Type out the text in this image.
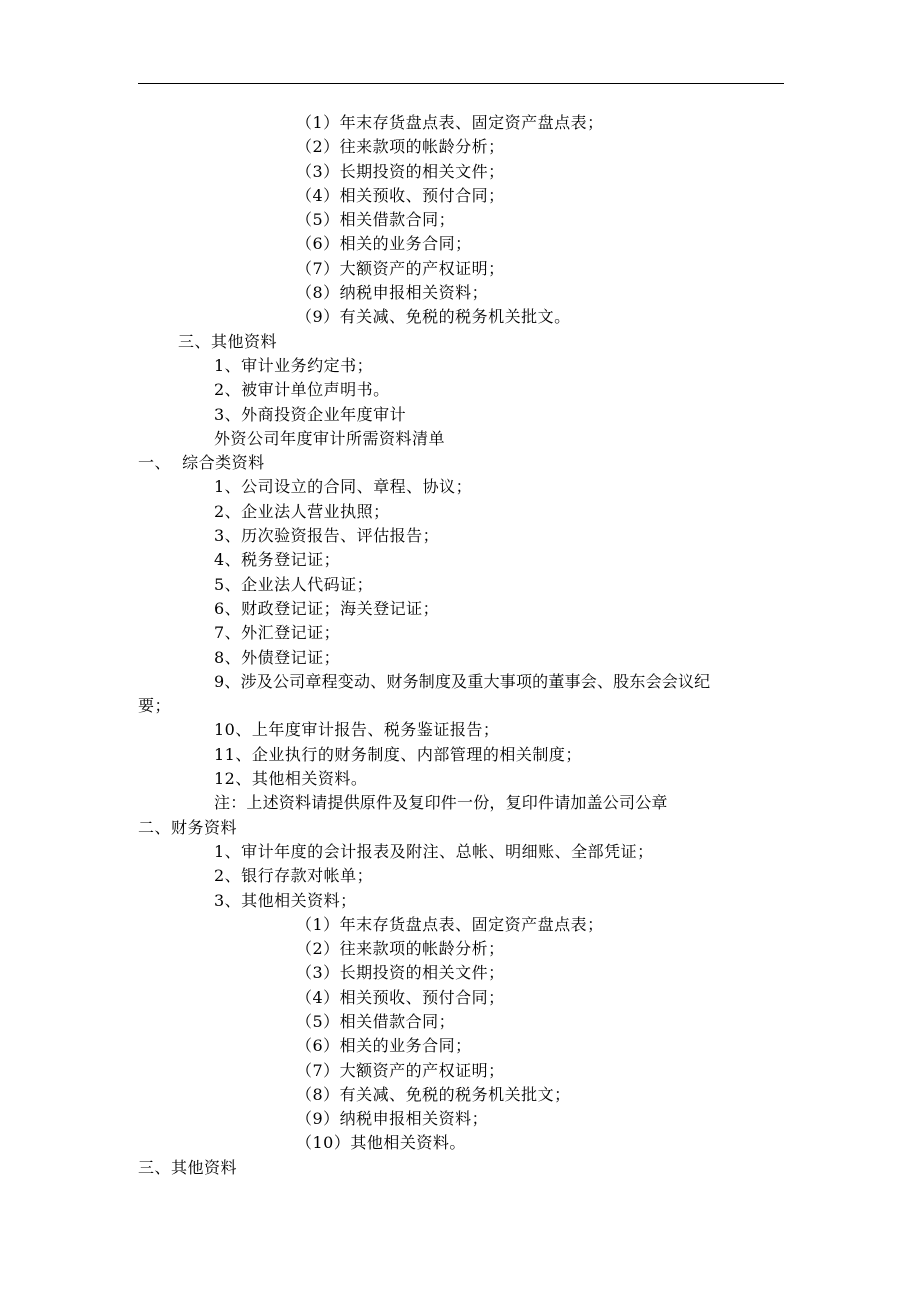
（1）年末存货盘点表、固定资产盘点表；
（2）往来款项的帐龄分析；
（3）长期投资的相关文件；
（4）相关预收、预付合同；
（5）相关借款合同；
（6）相关的业务合同；
（7）大额资产的产权证明；
（8）纳税申报相关资料；
（9）有关减、免税的税务机关批文。
三、其他资料
1、审计业务约定书；
2、被审计单位声明书。
3、外商投资企业年度审计
外资公司年度审计所需资料清单
一、  综合类资料
1、公司设立的合同、章程、协议；
2、企业法人营业执照；
3、历次验资报告、评估报告；
4、税务登记证；
5、企业法人代码证；
6、财政登记证；海关登记证；
7、外汇登记证；
8、外债登记证；
9、涉及公司章程变动、财务制度及重大事项的董事会、股东会会议纪
要；
10、上年度审计报告、税务鉴证报告；
11、企业执行的财务制度、内部管理的相关制度；
12、其他相关资料。
注：上述资料请提供原件及复印件一份，复印件请加盖公司公章
二、财务资料
1、审计年度的会计报表及附注、总帐、明细账、全部凭证；
2、银行存款对帐单；
3、其他相关资料；
（1）年末存货盘点表、固定资产盘点表；
（2）往来款项的帐龄分析；
（3）长期投资的相关文件；
（4）相关预收、预付合同；
（5）相关借款合同；
（6）相关的业务合同；
（7）大额资产的产权证明；
（8）有关减、免税的税务机关批文；
（9）纳税申报相关资料；
（10）其他相关资料。
三、其他资料
